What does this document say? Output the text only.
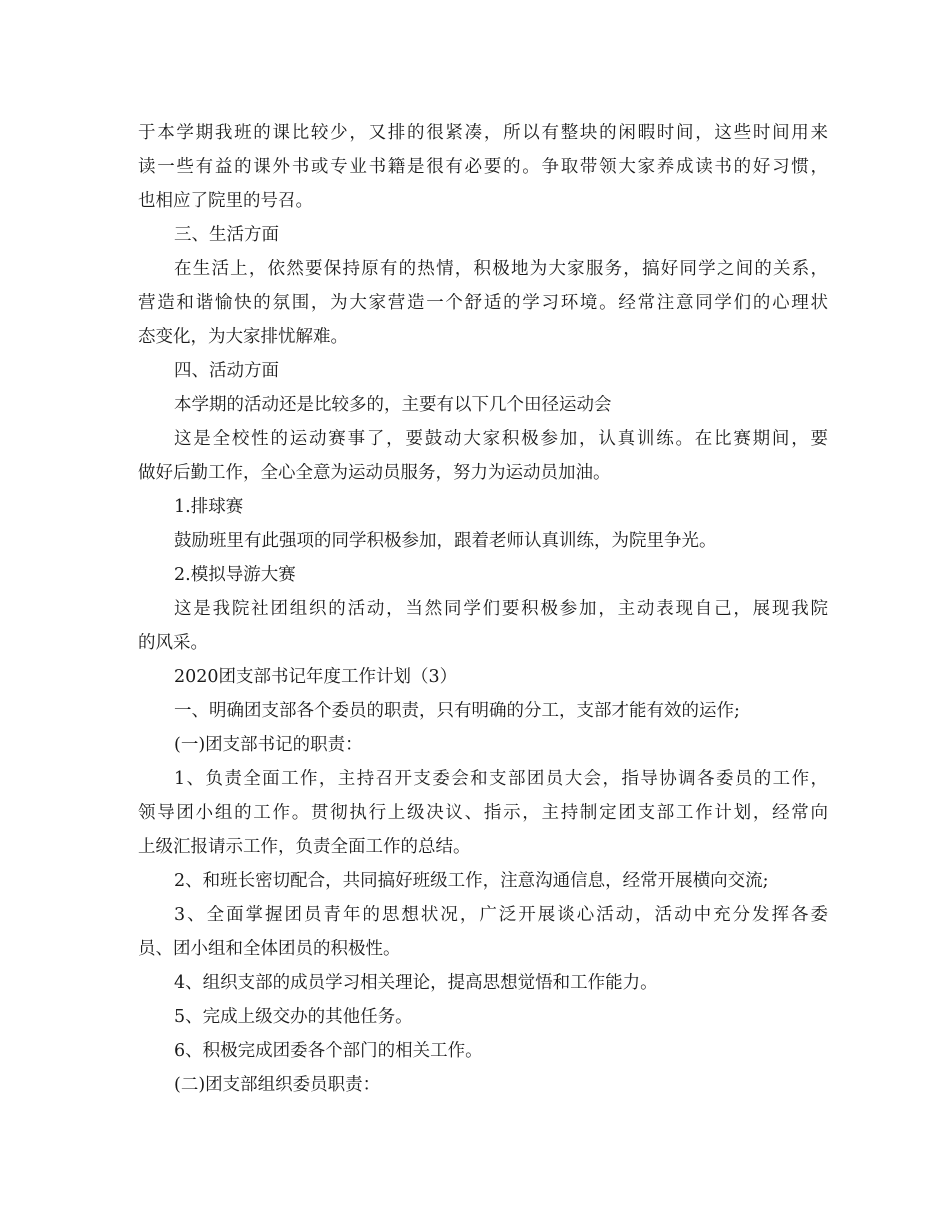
于本学期我班的课比较少，又排的很紧凑，所以有整块的闲暇时间，这些时间用来
读一些有益的课外书或专业书籍是很有必要的。争取带领大家养成读书的好习惯，
也相应了院里的号召。
三、生活方面
在生活上，依然要保持原有的热情，积极地为大家服务，搞好同学之间的关系，
营造和谐愉快的氛围，为大家营造一个舒适的学习环境。经常注意同学们的心理状
态变化，为大家排忧解难。
四、活动方面
本学期的活动还是比较多的，主要有以下几个田径运动会
这是全校性的运动赛事了，要鼓动大家积极参加，认真训练。在比赛期间，要
做好后勤工作，全心全意为运动员服务，努力为运动员加油。
1.排球赛
鼓励班里有此强项的同学积极参加，跟着老师认真训练，为院里争光。
2.模拟导游大赛
这是我院社团组织的活动，当然同学们要积极参加，主动表现自己，展现我院
的风采。
2020团支部书记年度工作计划（3）
一、明确团支部各个委员的职责，只有明确的分工，支部才能有效的运作;
(一)团支部书记的职责：
1、负责全面工作，主持召开支委会和支部团员大会，指导协调各委员的工作，
领导团小组的工作。贯彻执行上级决议、指示，主持制定团支部工作计划，经常向
上级汇报请示工作，负责全面工作的总结。
2、和班长密切配合，共同搞好班级工作，注意沟通信息，经常开展横向交流;
3、全面掌握团员青年的思想状况，广泛开展谈心活动，活动中充分发挥各委
员、团小组和全体团员的积极性。
4、组织支部的成员学习相关理论，提高思想觉悟和工作能力。
5、完成上级交办的其他任务。
6、积极完成团委各个部门的相关工作。
(二)团支部组织委员职责：
